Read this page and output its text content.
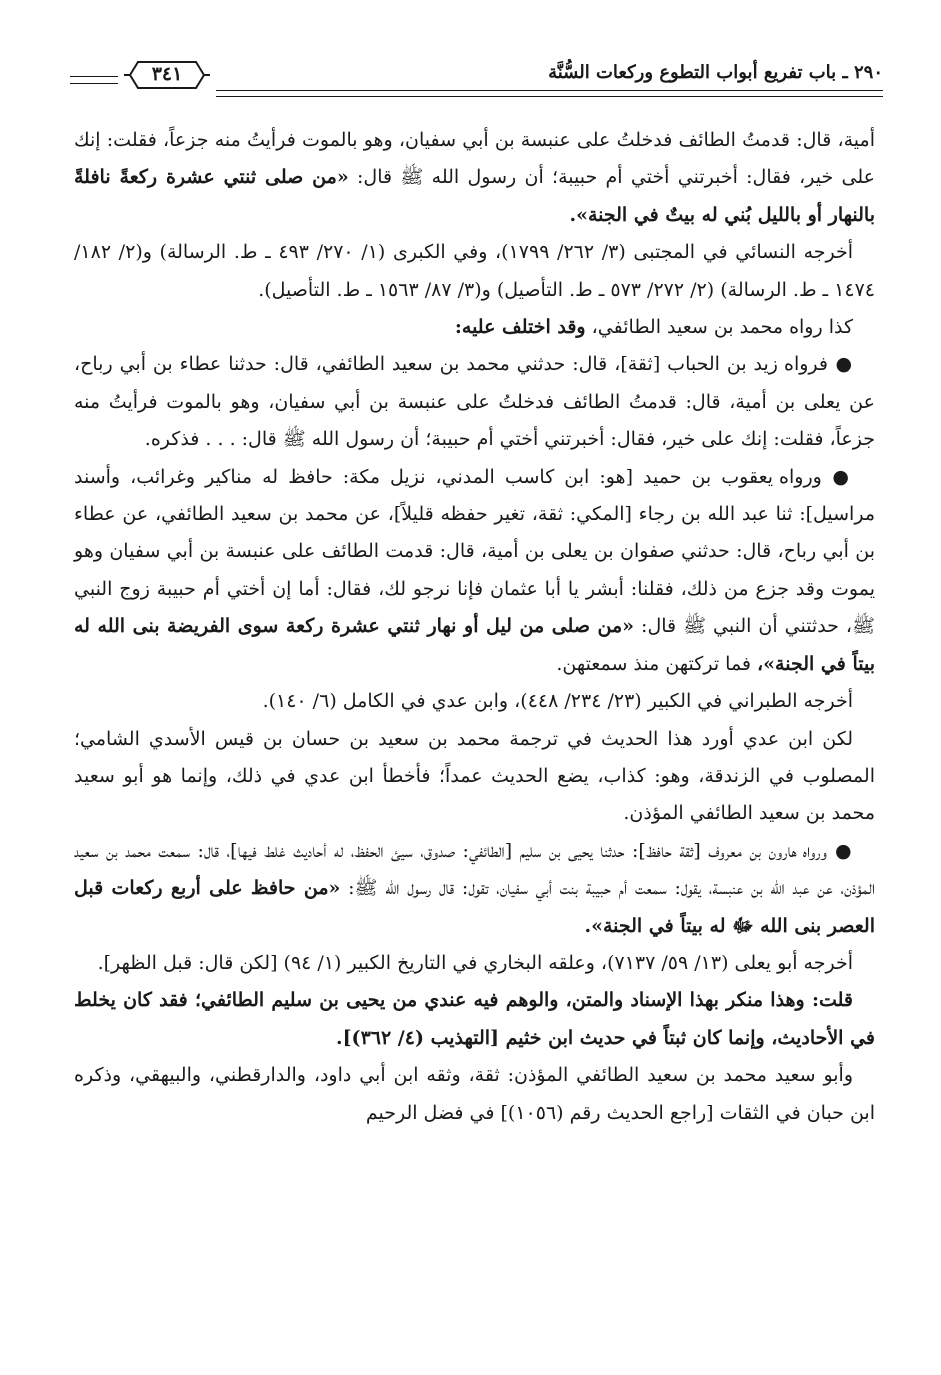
٣٤١	٢٩٠ ـ باب تفريع أبواب التطوع وركعات السُّنَّة

أمية، قال: قدمتُ الطائف فدخلتُ على عنبسة بن أبي سفيان، وهو بالموت فرأيتُ منه جزعاً، فقلت: إنك على خير، فقال: أخبرتني أختي أم حبيبة؛ أن رسول الله ﷺ قال: «من صلى ثنتي عشرة ركعةً نافلةً بالنهار أو بالليل بُني له بيتٌ في الجنة».

أخرجه النسائي في المجتبى (٣/ ٢٦٢/ ١٧٩٩)، وفي الكبرى (١/ ٢٧٠/ ٤٩٣ ـ ط. الرسالة) و(٢/ ١٨٢/ ١٤٧٤ ـ ط. الرسالة) (٢/ ٢٧٢/ ٥٧٣ ـ ط. التأصيل) و(٣/ ٨٧/ ١٥٦٣ ـ ط. التأصيل).

كذا رواه محمد بن سعيد الطائفي، وقد اختلف عليه:

● فرواه زيد بن الحباب [ثقة]، قال: حدثني محمد بن سعيد الطائفي، قال: حدثنا عطاء بن أبي رباح، عن يعلى بن أمية، قال: قدمتُ الطائف فدخلتُ على عنبسة بن أبي سفيان، وهو بالموت فرأيتُ منه جزعاً، فقلت: إنك على خير، فقال: أخبرتني أختي أم حبيبة؛ أن رسول الله ﷺ قال: . . . فذكره.

● ورواه يعقوب بن حميد [هو: ابن كاسب المدني، نزيل مكة: حافظ له مناكير وغرائب، وأسند مراسيل]: ثنا عبد الله بن رجاء [المكي: ثقة، تغير حفظه قليلاً]، عن محمد بن سعيد الطائفي، عن عطاء بن أبي رباح، قال: حدثني صفوان بن يعلى بن أمية، قال: قدمت الطائف على عنبسة بن أبي سفيان وهو يموت وقد جزع من ذلك، فقلنا: أبشر يا أبا عثمان فإنا نرجو لك، فقال: أما إن أختي أم حبيبة زوج النبي ﷺ، حدثتني أن النبي ﷺ قال: «من صلى من ليل أو نهار ثنتي عشرة ركعة سوى الفريضة بنى الله له بيتاً في الجنة»، فما تركتهن منذ سمعتهن.

أخرجه الطبراني في الكبير (٢٣/ ٢٣٤/ ٤٤٨)، وابن عدي في الكامل (٦/ ١٤٠).

لكن ابن عدي أورد هذا الحديث في ترجمة محمد بن سعيد بن حسان بن قيس الأسدي الشامي؛ المصلوب في الزندقة، وهو: كذاب، يضع الحديث عمداً؛ فأخطأ ابن عدي في ذلك، وإنما هو أبو سعيد محمد بن سعيد الطائفي المؤذن.

● ورواه هارون بن معروف [ثقة حافظ]: حدثنا يحيى بن سليم [الطائفي: صدوق، سيئ الحفظ، له أحاديث غلط فيها]، قال: سمعت محمد بن سعيد المؤذن، عن عبد الله بن عنبسة، يقول: سمعت أم حبيبة بنت أبي سفيان، تقول: قال رسول الله ﷺ: «من حافظ على أربع ركعات قبل العصر بنى الله ﷻ له بيتاً في الجنة».

أخرجه أبو يعلى (١٣/ ٥٩/ ٧١٣٧)، وعلقه البخاري في التاريخ الكبير (١/ ٩٤) [لكن قال: قبل الظهر].

قلت: وهذا منكر بهذا الإسناد والمتن، والوهم فيه عندي من يحيى بن سليم الطائفي؛ فقد كان يخلط في الأحاديث، وإنما كان ثبتاً في حديث ابن خثيم [التهذيب (٤/ ٣٦٢)].

وأبو سعيد محمد بن سعيد الطائفي المؤذن: ثقة، وثقه ابن أبي داود، والدارقطني، والبيهقي، وذكره ابن حبان في الثقات [راجع الحديث رقم (١٠٥٦)] في فضل الرحيم
